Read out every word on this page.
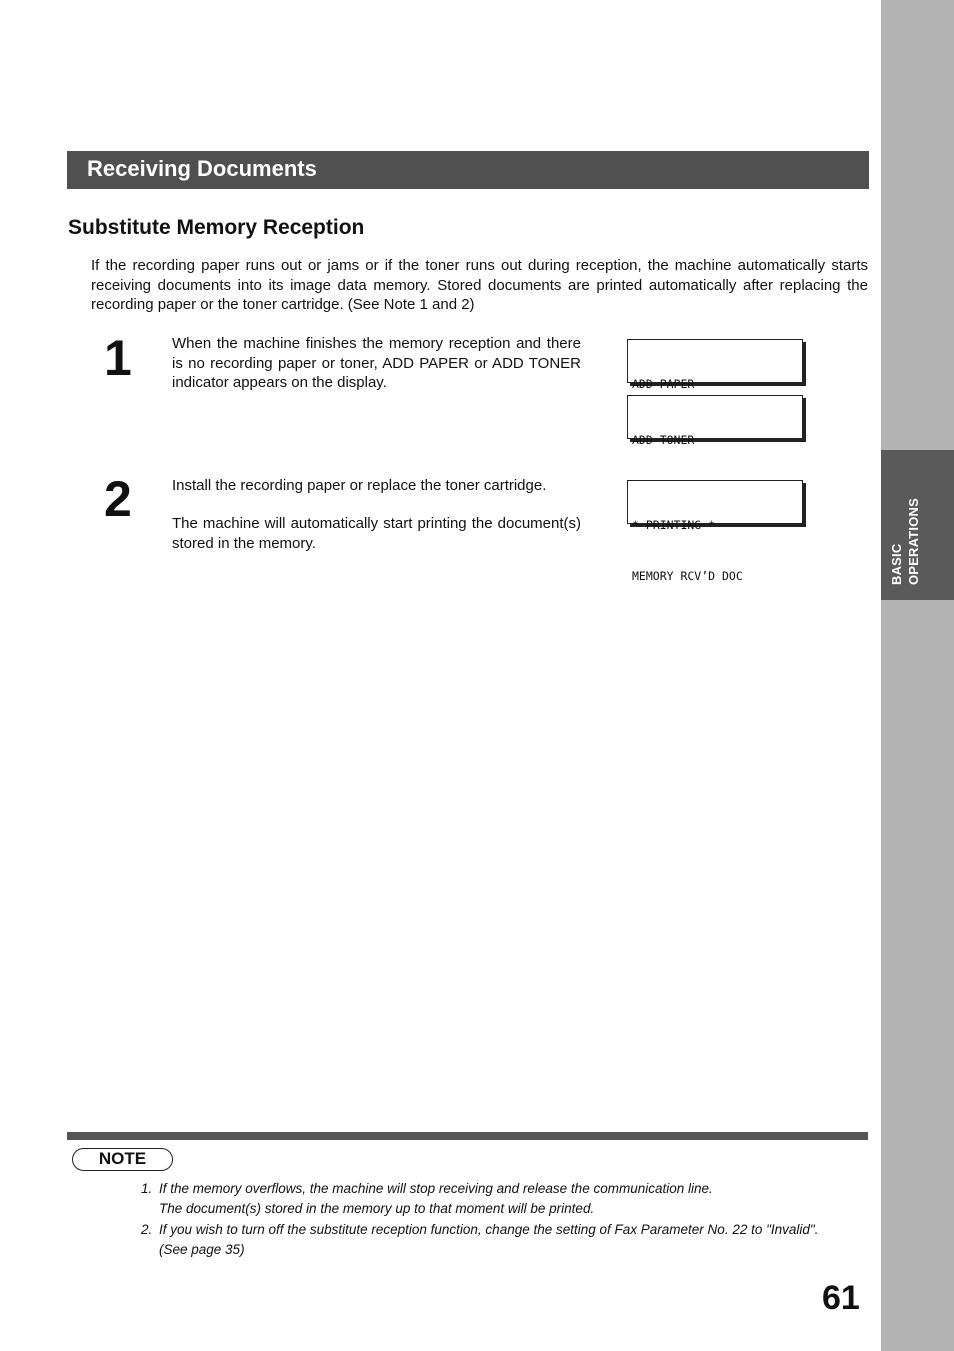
BASIC OPERATIONS
Receiving Documents
Substitute Memory Reception
If the recording paper runs out or jams or if the toner runs out during reception, the machine automatically starts receiving documents into its image data memory. Stored documents are printed automatically after replacing the recording paper or the toner cartridge. (See Note 1 and 2)
1	When the machine finishes the memory reception and there is no recording paper or toner, ADD PAPER or ADD TONER indicator appears on the display.

	ADD PAPER

ADD TONER

2	Install the recording paper or replace the toner cartridge.
The machine will automatically start printing the document(s) stored in the memory.

* PRINTING *

MEMORY RCV’D DOC

NOTE
1. If the memory overflows, the machine will stop receiving and release the communication line.
The document(s) stored in the memory up to that moment will be printed.
2. If you wish to turn off the substitute reception function, change the setting of Fax Parameter No. 22 to "Invalid".
(See page 35)
61
